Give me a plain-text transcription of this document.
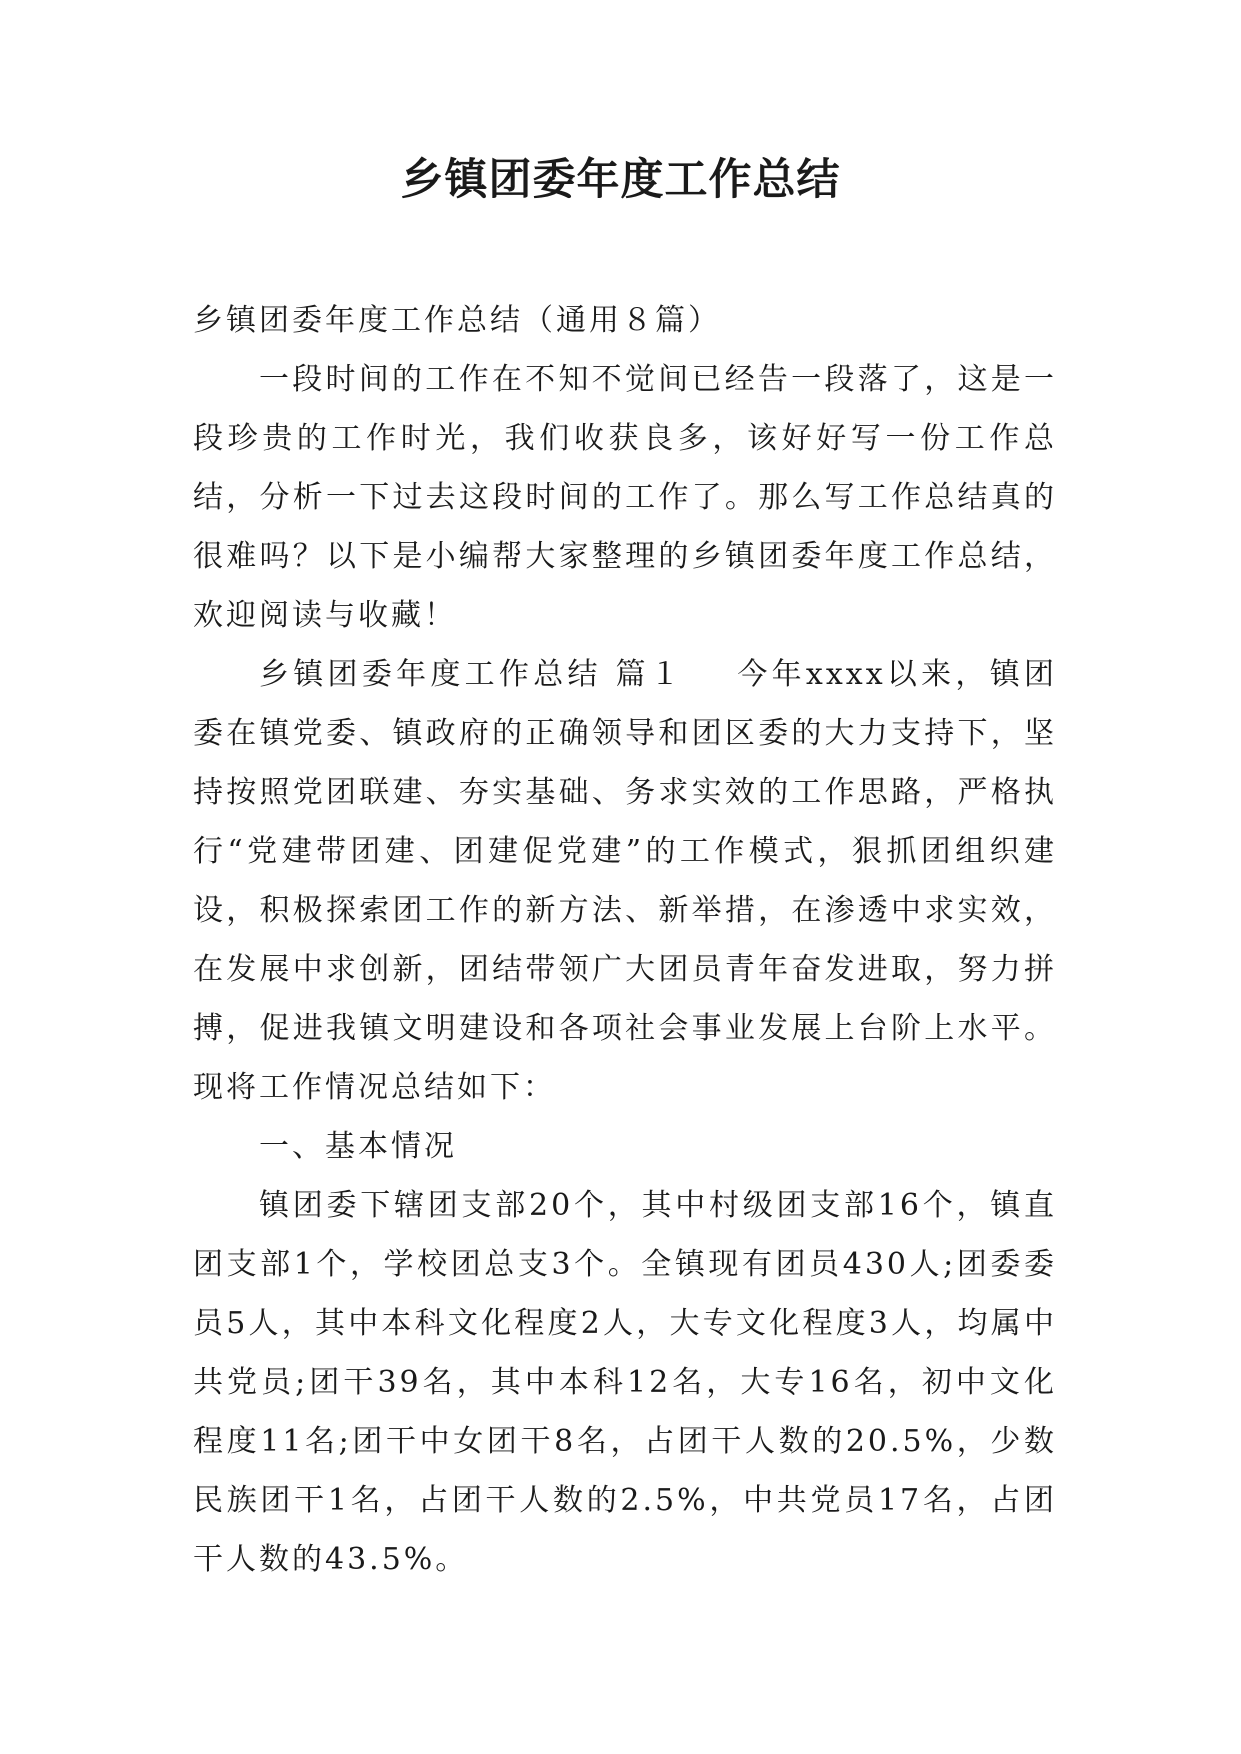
乡镇团委年度工作总结

乡镇团委年度工作总结（通用８篇）

一段时间的工作在不知不觉间已经告一段落了，这是一段珍贵的工作时光，我们收获良多，该好好写一份工作总结，分析一下过去这段时间的工作了。那么写工作总结真的很难吗？以下是小编帮大家整理的乡镇团委年度工作总结，欢迎阅读与收藏！

乡镇团委年度工作总结 篇１ 今年xxxx以来，镇团委在镇党委、镇政府的正确领导和团区委的大力支持下，坚持按照党团联建、夯实基础、务求实效的工作思路，严格执行“党建带团建、团建促党建”的工作模式，狠抓团组织建设，积极探索团工作的新方法、新举措，在渗透中求实效，在发展中求创新，团结带领广大团员青年奋发进取，努力拼搏，促进我镇文明建设和各项社会事业发展上台阶上水平。现将工作情况总结如下：

一、基本情况

镇团委下辖团支部20个，其中村级团支部16个，镇直团支部1个，学校团总支3个。全镇现有团员430人;团委委员5人，其中本科文化程度2人，大专文化程度3人，均属中共党员;团干39名，其中本科12名，大专16名，初中文化程度11名;团干中女团干8名，占团干人数的20.5%，少数民族团干1名，占团干人数的2.5%，中共党员17名，占团干人数的43.5%。
